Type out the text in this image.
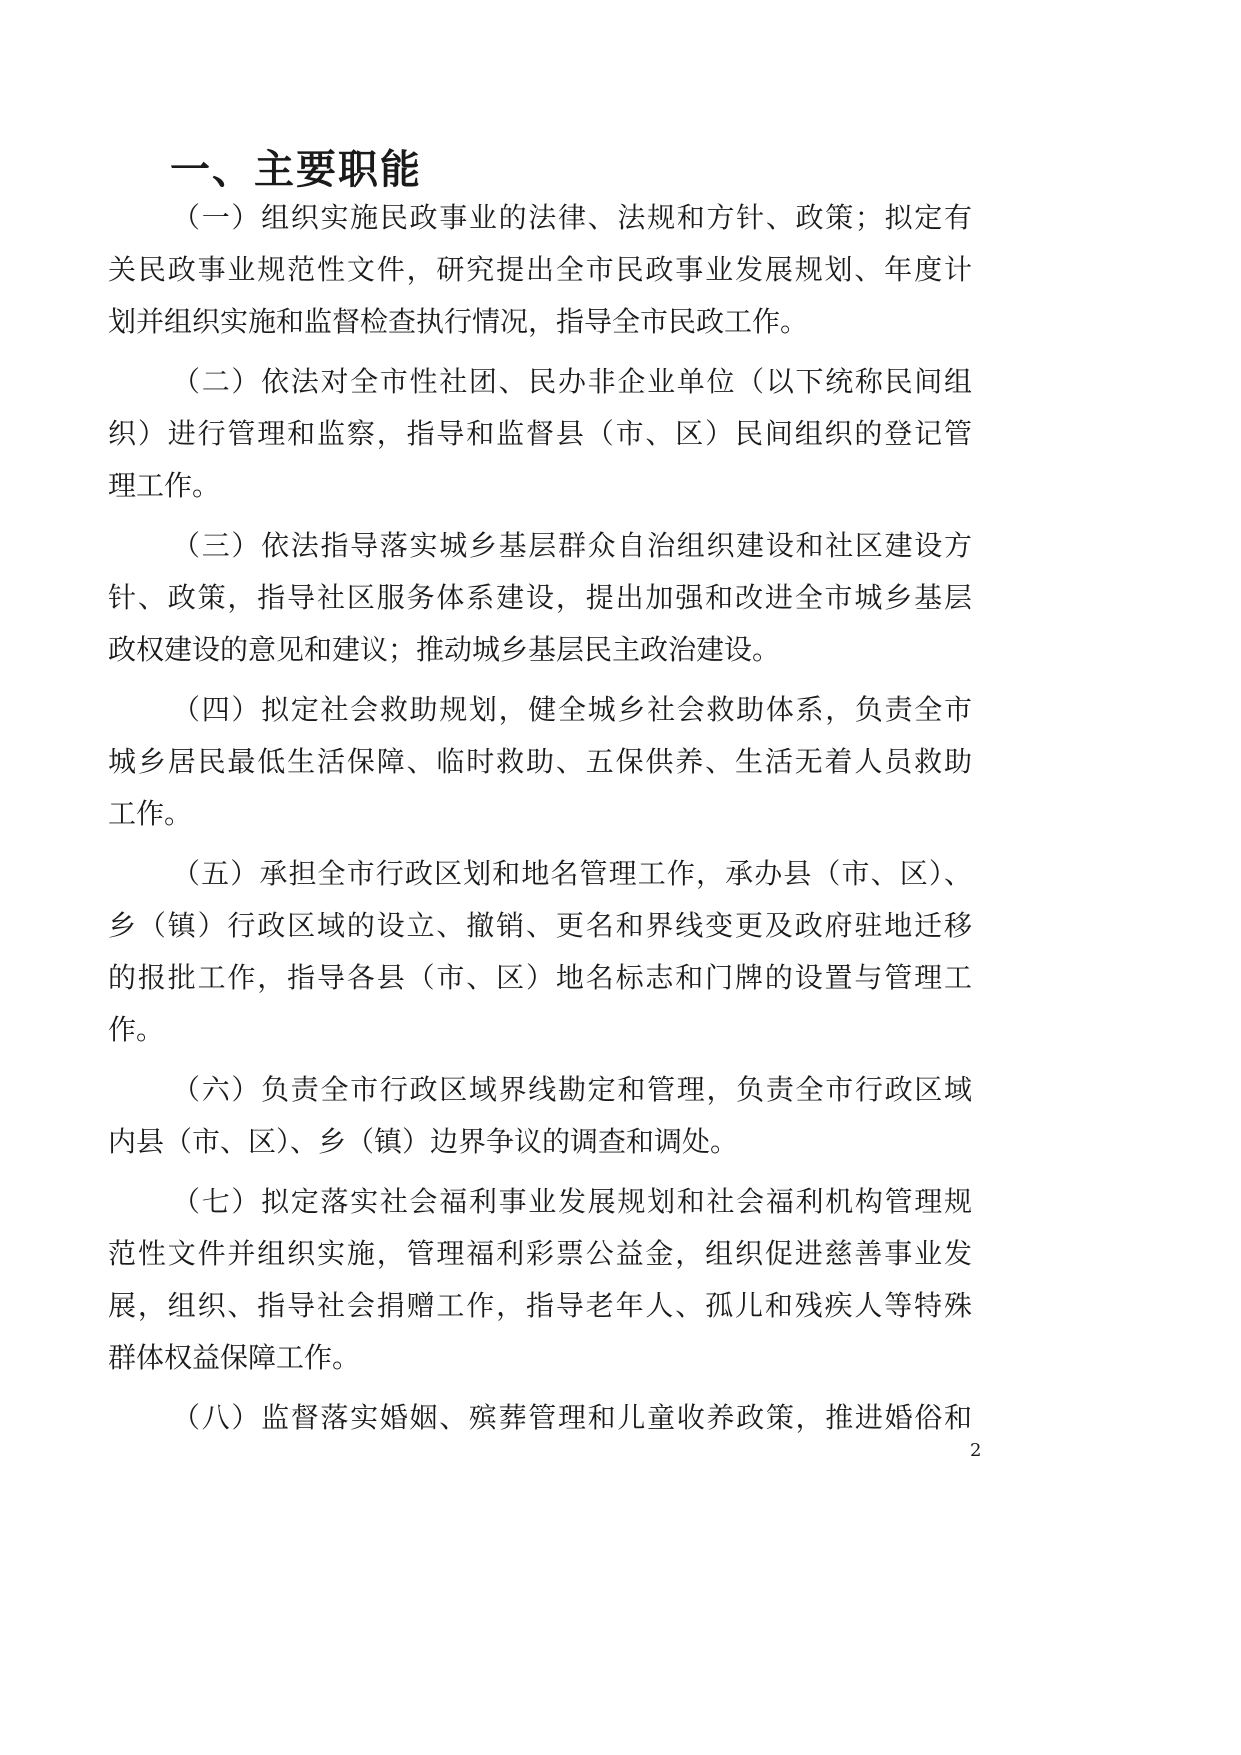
一、主要职能
（一）组织实施民政事业的法律、法规和方针、政策；拟定有
关民政事业规范性文件，研究提出全市民政事业发展规划、年度计
划并组织实施和监督检查执行情况，指导全市民政工作。
（二）依法对全市性社团、民办非企业单位（以下统称民间组
织）进行管理和监察，指导和监督县（市、区）民间组织的登记管
理工作。
（三）依法指导落实城乡基层群众自治组织建设和社区建设方
针、政策，指导社区服务体系建设，提出加强和改进全市城乡基层
政权建设的意见和建议；推动城乡基层民主政治建设。
（四）拟定社会救助规划，健全城乡社会救助体系，负责全市
城乡居民最低生活保障、临时救助、五保供养、生活无着人员救助
工作。
（五）承担全市行政区划和地名管理工作，承办县（市、区）、
乡（镇）行政区域的设立、撤销、更名和界线变更及政府驻地迁移
的报批工作，指导各县（市、区）地名标志和门牌的设置与管理工
作。
（六）负责全市行政区域界线勘定和管理，负责全市行政区域
内县（市、区）、乡（镇）边界争议的调查和调处。
（七）拟定落实社会福利事业发展规划和社会福利机构管理规
范性文件并组织实施，管理福利彩票公益金，组织促进慈善事业发
展，组织、指导社会捐赠工作，指导老年人、孤儿和残疾人等特殊
群体权益保障工作。
（八）监督落实婚姻、殡葬管理和儿童收养政策，推进婚俗和
2
